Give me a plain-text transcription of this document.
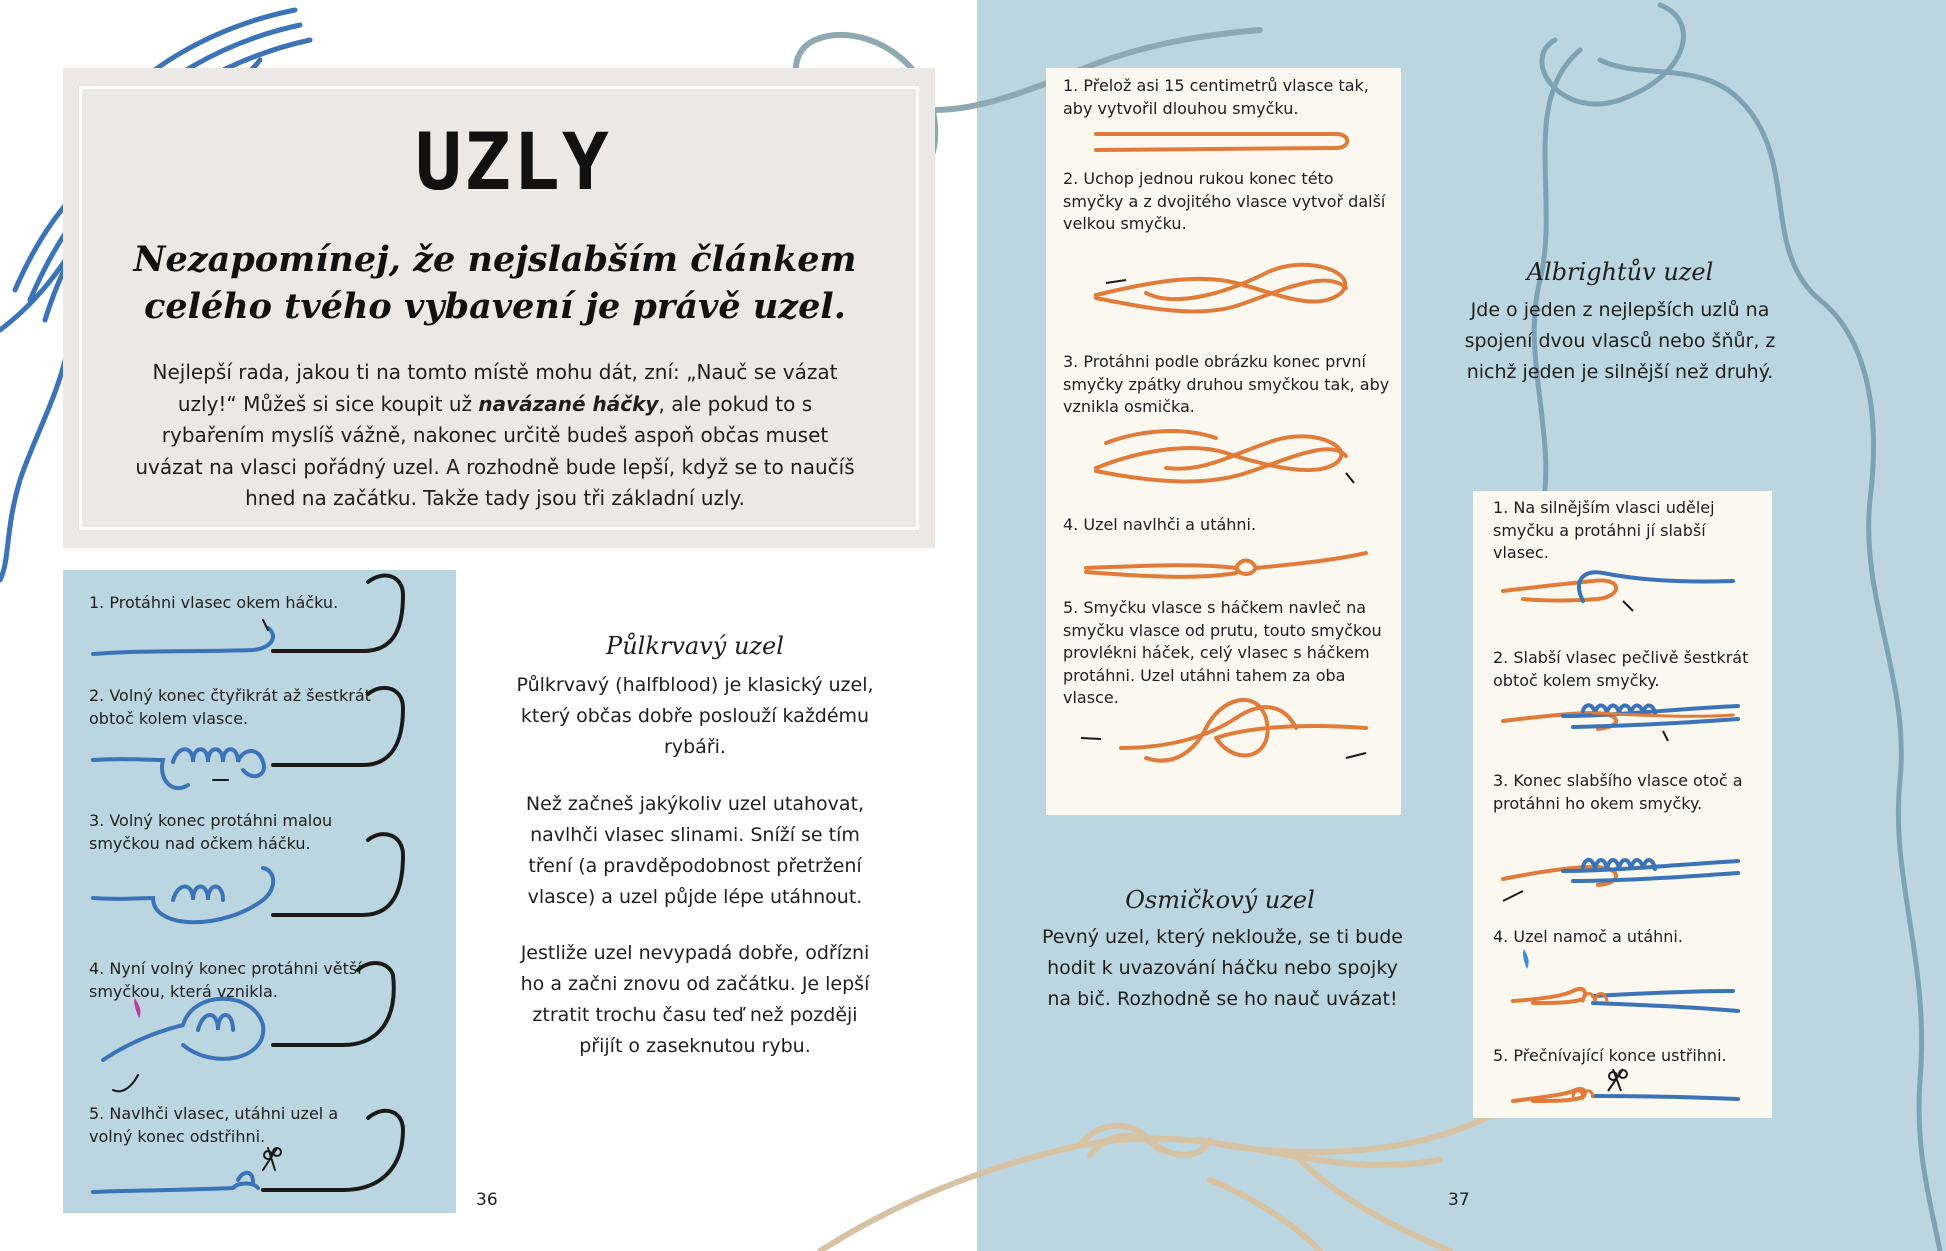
UZLY
Nezapomínej, že nejslabším článkem celého tvého vybavení je právě uzel.
Nejlepší rada, jakou ti na tomto místě mohu dát, zní: „Nauč se vázat uzly!“ Můžeš si sice koupit už navázané háčky, ale pokud to s rybařením myslíš vážně, nakonec určitě budeš aspoň občas muset uvázat na vlasci pořádný uzel. A rozhodně bude lepší, když se to naučíš hned na začátku. Takže tady jsou tři základní uzly.
1. Protáhni vlasec okem háčku.
2. Volný konec čtyřikrát až šestkrát obtoč kolem vlasce.
3. Volný konec protáhni malou smyčkou nad očkem háčku.
4. Nyní volný konec protáhni větší smyčkou, která vznikla.
5. Navlhči vlasec, utáhni uzel a volný konec odstřihni.
36
Půlkrvavý uzel
Půlkrvavý (halfblood) je klasický uzel, který občas dobře poslouží každému rybáři.
Než začneš jakýkoliv uzel utahovat, navlhči vlasec slinami. Sníží se tím tření (a pravděpodobnost přetržení vlasce) a uzel půjde lépe utáhnout.
Jestliže uzel nevypadá dobře, odřízni ho a začni znovu od začátku. Je lepší ztratit trochu času teď než později přijít o zaseknutou rybu.
1. Přelož asi 15 centimetrů vlasce tak, aby vytvořil dlouhou smyčku.
2. Uchop jednou rukou konec této smyčky a z dvojitého vlasce vytvoř další velkou smyčku.
3. Protáhni podle obrázku konec první smyčky zpátky druhou smyčkou tak, aby vznikla osmička.
4. Uzel navlhči a utáhni.
5. Smyčku vlasce s háčkem navleč na smyčku vlasce od prutu, touto smyčkou provlékni háček, celý vlasec s háčkem protáhni. Uzel utáhni tahem za oba vlasce.
Osmičkový uzel
Pevný uzel, který neklouže, se ti bude hodit k uvazování háčku nebo spojky na bič. Rozhodně se ho nauč uvázat!
Albrightův uzel
Jde o jeden z nejlepších uzlů na spojení dvou vlasců nebo šňůr, z nichž jeden je silnější než druhý.
1. Na silnějším vlasci udělej smyčku a protáhni jí slabší vlasec.
2. Slabší vlasec pečlivě šestkrát obtoč kolem smyčky.
3. Konec slabšího vlasce otoč a protáhni ho okem smyčky.
4. Uzel namoč a utáhni.
5. Přečnívající konce ustřihni.
37
